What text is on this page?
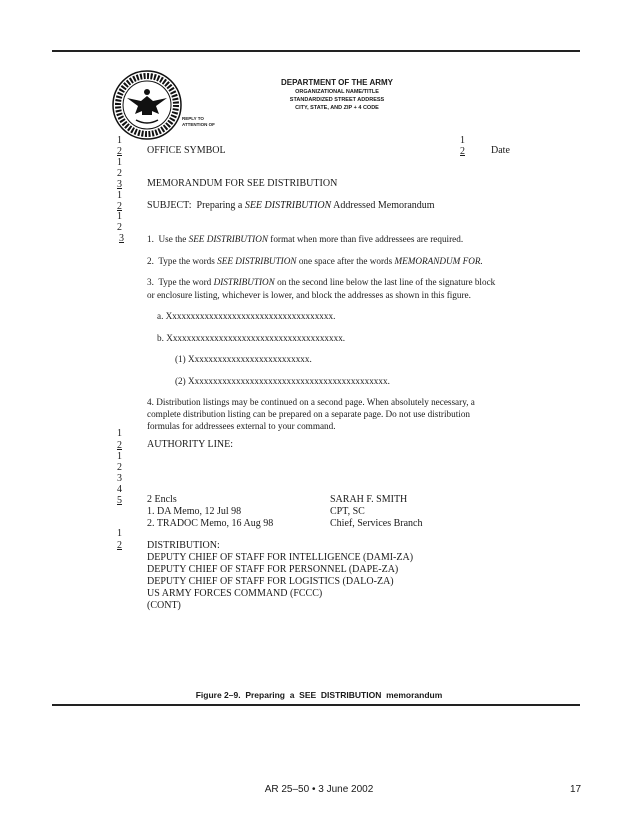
DEPARTMENT OF THE ARMY
ORGANIZATIONAL NAME/TITLE
STANDARDIZED STREET ADDRESS
CITY, STATE, AND ZIP + 4 CODE
REPLY TO
ATTENTION OF
1
2
1
2
3
1
2
1
2
3
1
2
1
2
3
4
5
1
2
1
2
OFFICE SYMBOL	Date
MEMORANDUM FOR SEE DISTRIBUTION
SUBJECT:  Preparing a SEE DISTRIBUTION Addressed Memorandum
1.  Use the SEE DISTRIBUTION format when more than five addressees are required.
2.  Type the words SEE DISTRIBUTION one space after the words MEMORANDUM FOR.
3.  Type the word DISTRIBUTION on the second line below the last line of the signature block
or enclosure listing, whichever is lower, and block the addresses as shown in this figure.
a. Xxxxxxxxxxxxxxxxxxxxxxxxxxxxxxxxxxxx.
b. Xxxxxxxxxxxxxxxxxxxxxxxxxxxxxxxxxxxxxx.
(1) Xxxxxxxxxxxxxxxxxxxxxxxxxx.
(2) Xxxxxxxxxxxxxxxxxxxxxxxxxxxxxxxxxxxxxxxxxxx.
4. Distribution listings may be continued on a second page. When absolutely necessary, a
complete distribution listing can be prepared on a separate page. Do not use distribution
formulas for addressees external to your command.
AUTHORITY LINE:
2 Encls
1. DA Memo, 12 Jul 98
2. TRADOC Memo, 16 Aug 98
SARAH F. SMITH
CPT, SC
Chief, Services Branch
DISTRIBUTION:
DEPUTY CHIEF OF STAFF FOR INTELLIGENCE (DAMI-ZA)
DEPUTY CHIEF OF STAFF FOR PERSONNEL (DAPE-ZA)
DEPUTY CHIEF OF STAFF FOR LOGISTICS (DALO-ZA)
US ARMY FORCES COMMAND (FCCC)
(CONT)
Figure 2–9.  Preparing  a  SEE  DISTRIBUTION  memorandum
AR 25–50 • 3 June 2002	17
